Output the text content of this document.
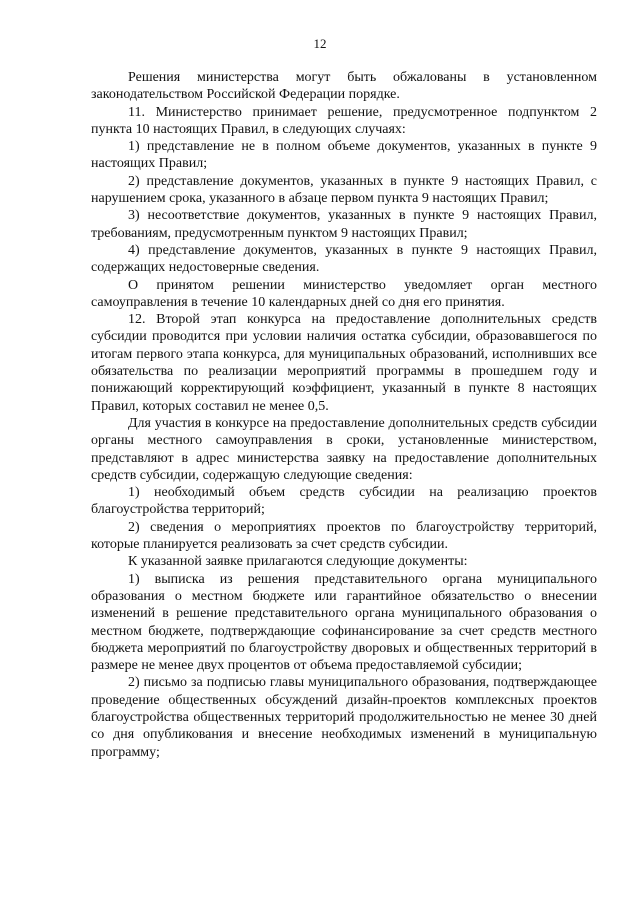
12

Решения министерства могут быть обжалованы в установленном законодательством Российской Федерации порядке.

11. Министерство принимает решение, предусмотренное подпунктом 2 пункта 10 настоящих Правил, в следующих случаях:

1) представление не в полном объеме документов, указанных в пункте 9 настоящих Правил;

2) представление документов, указанных в пункте 9 настоящих Правил, с нарушением срока, указанного в абзаце первом пункта 9 настоящих Правил;

3) несоответствие документов, указанных в пункте 9 настоящих Правил, требованиям, предусмотренным пунктом 9 настоящих Правил;

4) представление документов, указанных в пункте 9 настоящих Правил, содержащих недостоверные сведения.

О принятом решении министерство уведомляет орган местного самоуправления в течение 10 календарных дней со дня его принятия.

12. Второй этап конкурса на предоставление дополнительных средств субсидии проводится при условии наличия остатка субсидии, образовавшегося по итогам первого этапа конкурса, для муниципальных образований, исполнивших все обязательства по реализации мероприятий программы в прошедшем году и понижающий корректирующий коэффициент, указанный в пункте 8 настоящих Правил, которых составил не менее 0,5.

Для участия в конкурсе на предоставление дополнительных средств субсидии органы местного самоуправления в сроки, установленные министерством, представляют в адрес министерства заявку на предоставление дополнительных средств субсидии, содержащую следующие сведения:

1) необходимый объем средств субсидии на реализацию проектов благоустройства территорий;

2) сведения о мероприятиях проектов по благоустройству территорий, которые планируется реализовать за счет средств субсидии.

К указанной заявке прилагаются следующие документы:

1) выписка из решения представительного органа муниципального образования о местном бюджете или гарантийное обязательство о внесении изменений в решение представительного органа муниципального образования о местном бюджете, подтверждающие софинансирование за счет средств местного бюджета мероприятий по благоустройству дворовых и общественных территорий в размере не менее двух процентов от объема предоставляемой субсидии;

2) письмо за подписью главы муниципального образования, подтверждающее проведение общественных обсуждений дизайн-проектов комплексных проектов благоустройства общественных территорий продолжительностью не менее 30 дней со дня опубликования и внесение необходимых изменений в муниципальную программу;
